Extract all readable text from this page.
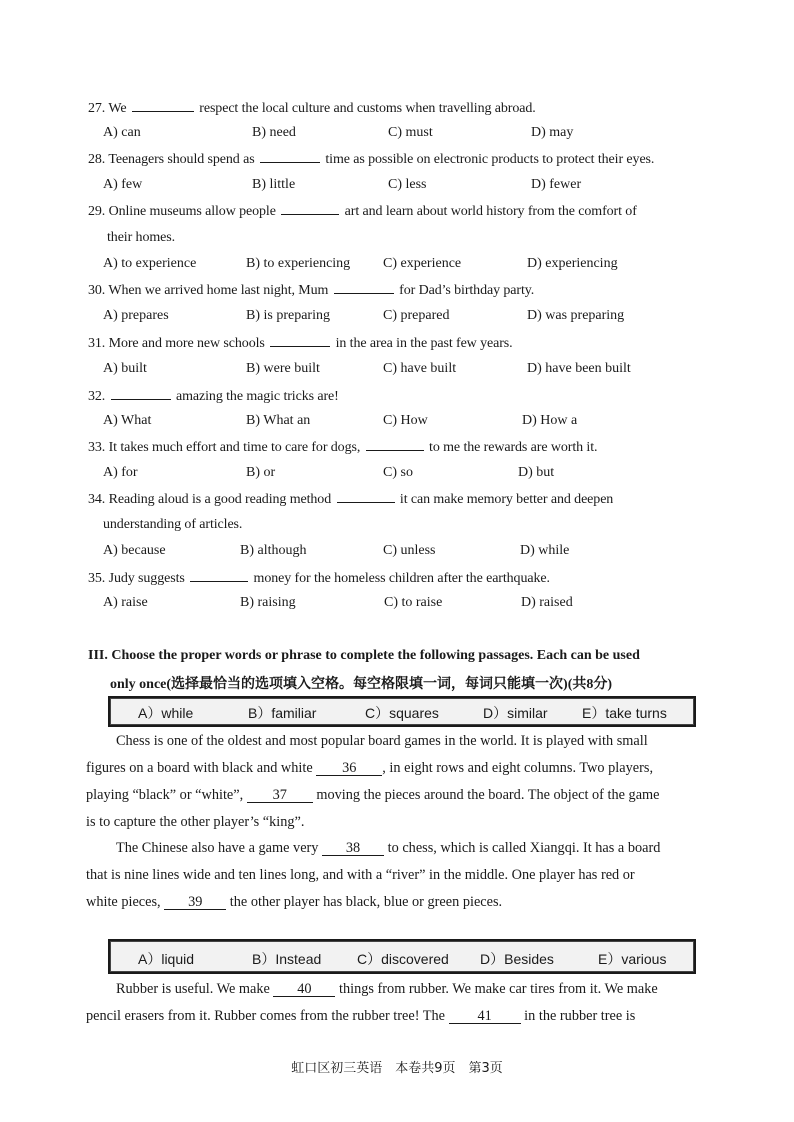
27. We	respect the local culture and customs when travelling abroad.
A) can	B) need	C) must	D) may
28. Teenagers should spend as	time as possible on electronic products to protect their eyes.
A) few	B) little	C) less	D) fewer
29. Online museums allow people	art and learn about world history from the comfort of
their homes.
A) to experience	B) to experiencing C) experience	D) experiencing
30. When we arrived home last night, Mum	for Dad’s birthday party.
A) prepares	B) is preparing	C) prepared	D) was preparing
31. More and more new schools	in the area in the past few years.
A) built	B) were built	C) have built	D) have been built
32.	amazing the magic tricks are!
A) What	B) What an	C) How	D) How a
33. It takes much effort and time to care for dogs,	to me the rewards are worth it.
A) for	B) or	C) so	D) but
34. Reading aloud is a good reading method	it can make memory better and deepen
understanding of articles.
A) because	B) although	C) unless	D) while
35. Judy suggests	money for the homeless children after the earthquake.
A) raise	B) raising	C) to raise	D) raised
III. Choose the proper words or phrase to complete the following passages. Each can be used
only once(选择最恰当的选项填入空格。每空格限填一词，每词只能填一次)(共8分)
A）while	B）familiar	C）squares	D）similar E）take turns
Chess is one of the oldest and most popular board games in the world. It is played with small
figures on a board with black and white 36 , in eight rows and eight columns. Two players,
playing “black” or “white”, 37 moving the pieces around the board. The object of the game
is to capture the other player’s “king”.
The Chinese also have a game very 38 to chess, which is called Xiangqi. It has a board
that is nine lines wide and ten lines long, and with a “river” in the middle. One player has red or
white pieces, 39 the other player has black, blue or green pieces.
A）liquid	B）Instead	C）discovered D）Besides	E）various
Rubber is useful. We make 40 things from rubber. We make car tires from it. We make
pencil erasers from it. Rubber comes from the rubber tree! The 41 in the rubber tree is
虹口区初三英语　本卷共9页　第3页
